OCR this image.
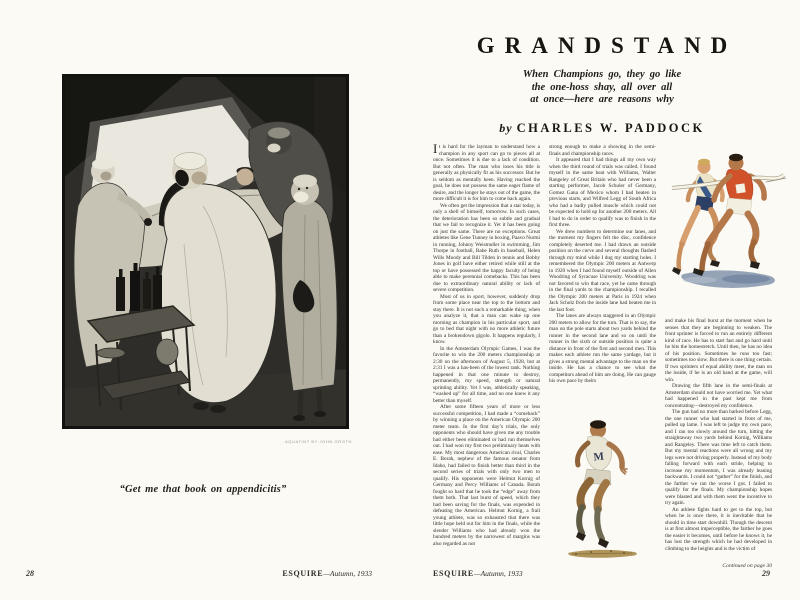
AQUATINT BY JOHN GROTH
“Get me that book on appendicitis”
28	ESQUIRE—Autumn, 1933
GRANDSTAND
When Champions go, they go like
the one-hoss shay, all over all
at once—here are reasons why
by CHARLES W. PADDOCK
M

It is hard for the layman to understand how a champion in any sport can go to pieces all at once. Sometimes it is due to a lack of condition. But not often. The man who loses his title is generally as physically fit as his successor. But he is seldom as mentally keen. Having reached the goal, he does not possess the same eager flame of desire, and the longer he stays out of the game, the more difficult it is for him to come back again.

We often get the impression that a star today, is only a shell of himself, tomorrow. In such cases, the deterioration has been so subtle and gradual that we fail to recognize it. Yet it has been going on just the same. There are no exceptions. Great athletes like Gene Tunney in boxing, Paavo Nurmi in running, Johnny Weismuller in swimming, Jim Thorpe in football, Babe Ruth in baseball, Helen Wills Moody and Bill Tilden in tennis and Bobby Jones in golf have either retired while still at the top or have possessed the happy faculty of being able to make perennial comebacks. This has been due to extraordinary natural ability or lack of severe competition.

Most of us in sport, however, suddenly drop from some place near the top to the bottom and stay there. It is not such a remarkable thing, when you analyze it, that a man can wake up one morning as champion in his particular sport, and go to bed that night with no more athletic future than a brokendown gigolo. It happens regularly, I know.

In the Amsterdam Olympic Games, I was the favorite to win the 200 meters championship at 2:30 on the afternoon of August 5, 1928, but at 2:31 I was a has-been of the lowest rank. Nothing happened in that one minute to destroy, permanently, my speed, strength or natural sprinting ability. Yet I was, athletically speaking, “washed up” for all time, and no one knew it any better than myself.

After some fifteen years of more or less successful competition, I had made a “comeback” by winning a place on the American Olympic 200 meter team. In the first day’s trials, the only opponents who should have given me any trouble had either been eliminated or had run themselves out. I had won my first two preliminary heats with ease. My most dangerous American rival, Charles E. Borah, nephew of the famous senator from Idaho, had failed to finish better than third in the second series of trials with only two men to qualify. His opponents were Helmut Kornig of Germany and Percy Williams of Canada. Borah fought so hard that he took the “edge” away from them both. That last burst of speed, which they had been saving for the finals, was expended in defeating the American. Helmut Kornig, a frail young athlete, was so exhausted that there was little hope held out for him in the finals, while the slender Williams who had already won the hundred meters by the narrowest of margins was also regarded as not

strong enough to make a showing in the semi-finals and championship races.

It appeared that I had things all my own way when the third round of trials was called. I found myself in the same heat with Williams, Walter Rangeley of Great Britain who had never been a starting performer, Jacob Schuler of Germany, Gomez Gana of Mexico whom I had beaten in previous starts, and Wilfred Legg of South Africa who had a badly pulled muscle which could not be expected to hold up for another 200 meters. All I had to do in order to qualify was to finish in the first three.

We drew numbers to determine our lanes, and the moment my fingers felt the disc, confidence completely deserted me. I had drawn an outside position on the curve and several thoughts flashed through my mind while I dug my starting holes. I remembered the Olympic 200 meters at Antwerp in 1920 when I had found myself outside of Allen Woodring of Syracuse University. Woodring was not favored to win that race, yet he came through in the final yards to the championship. I recalled the Olympic 200 meters at Paris in 1924 when Jack Scholz from the inside lane had beaten me in the last foot.

The lanes are always staggered in an Olympic 200 meters to allow for the turn. That is to say, the man on the pole starts about two yards behind the runner in the second lane and so on until the runner in the sixth or outside position is quite a distance in front of the first and second men. This makes each athlete run the same yardage, but it gives a strong mental advantage to the man on the inside. He has a chance to see what the competitors ahead of him are doing. He can gauge his own pace by theirs

and make his final burst at the moment when he senses that they are beginning to weaken. The front sprinter is forced to run an entirely different kind of race. He has to start fast and go hard until he hits the homestretch. Until then, he has no idea of his position. Sometimes he runs too fast; sometimes too slow. But there is one thing certain. If two sprinters of equal ability meet, the man on the inside, if he is an old hand at the game, will win.

Drawing the fifth lane in the semi-finals at Amsterdam should not have worried me. Yet what had happened in the past kept me from concentrating—destroyed my confidence.

The gun had no more than barked before Legg, the one runner who had started in front of me, pulled up lame. I was left to judge my own pace, and I ran too slowly around the turn, hitting the straightaway two yards behind Kornig, Williams and Rangeley. There was time left to catch them. But my mental reactions were all wrong and my legs were not driving properly. Instead of my body falling forward with each stride, helping to increase my momentum, I was already leaning backwards. I could not “gather” for the finish, and the farther we ran the worse I got. I failed to qualify for the finals. My championship hopes were blasted and with them went the incentive to try again.

An athlete fights hard to get to the top, but when he is once there, it is inevitable that he should in time start downhill. Though the descent is at first almost imperceptible, the farther he goes the easier it becomes, until before he knows it, he has lost the strength which he had developed in climbing to the heights and is the victim of

Continued on page 30
ESQUIRE—Autumn, 1933	29
